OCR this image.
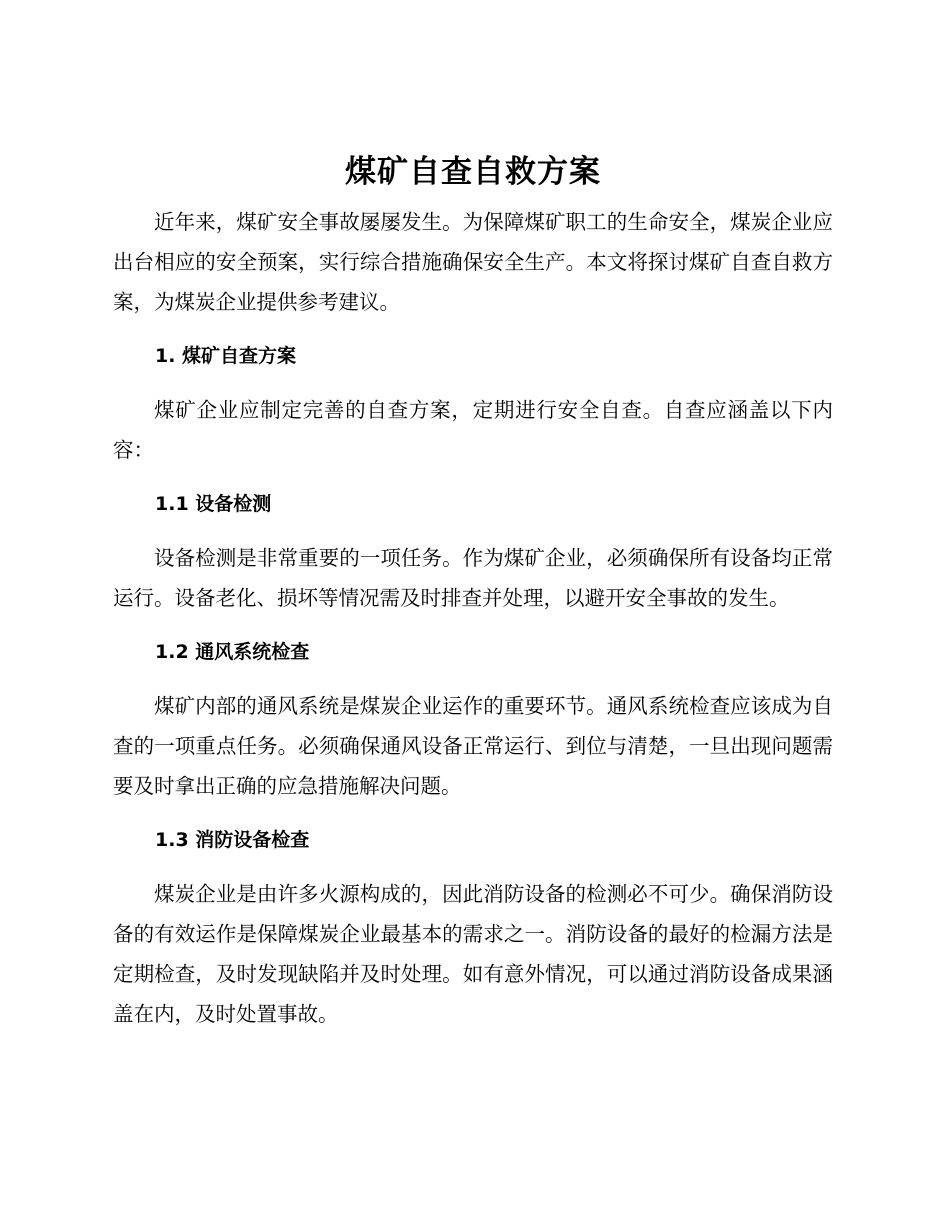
煤矿自查自救方案

近年来，煤矿安全事故屡屡发生。为保障煤矿职工的生命安全，煤炭企业应出台相应的安全预案，实行综合措施确保安全生产。本文将探讨煤矿自查自救方案，为煤炭企业提供参考建议。

1. 煤矿自查方案

煤矿企业应制定完善的自查方案，定期进行安全自查。自查应涵盖以下内容：

1.1 设备检测

设备检测是非常重要的一项任务。作为煤矿企业，必须确保所有设备均正常运行。设备老化、损坏等情况需及时排查并处理，以避开安全事故的发生。

1.2 通风系统检查

煤矿内部的通风系统是煤炭企业运作的重要环节。通风系统检查应该成为自查的一项重点任务。必须确保通风设备正常运行、到位与清楚，一旦出现问题需要及时拿出正确的应急措施解决问题。

1.3 消防设备检查

煤炭企业是由许多火源构成的，因此消防设备的检测必不可少。确保消防设备的有效运作是保障煤炭企业最基本的需求之一。消防设备的最好的检漏方法是定期检查，及时发现缺陷并及时处理。如有意外情况，可以通过消防设备成果涵盖在内，及时处置事故。
